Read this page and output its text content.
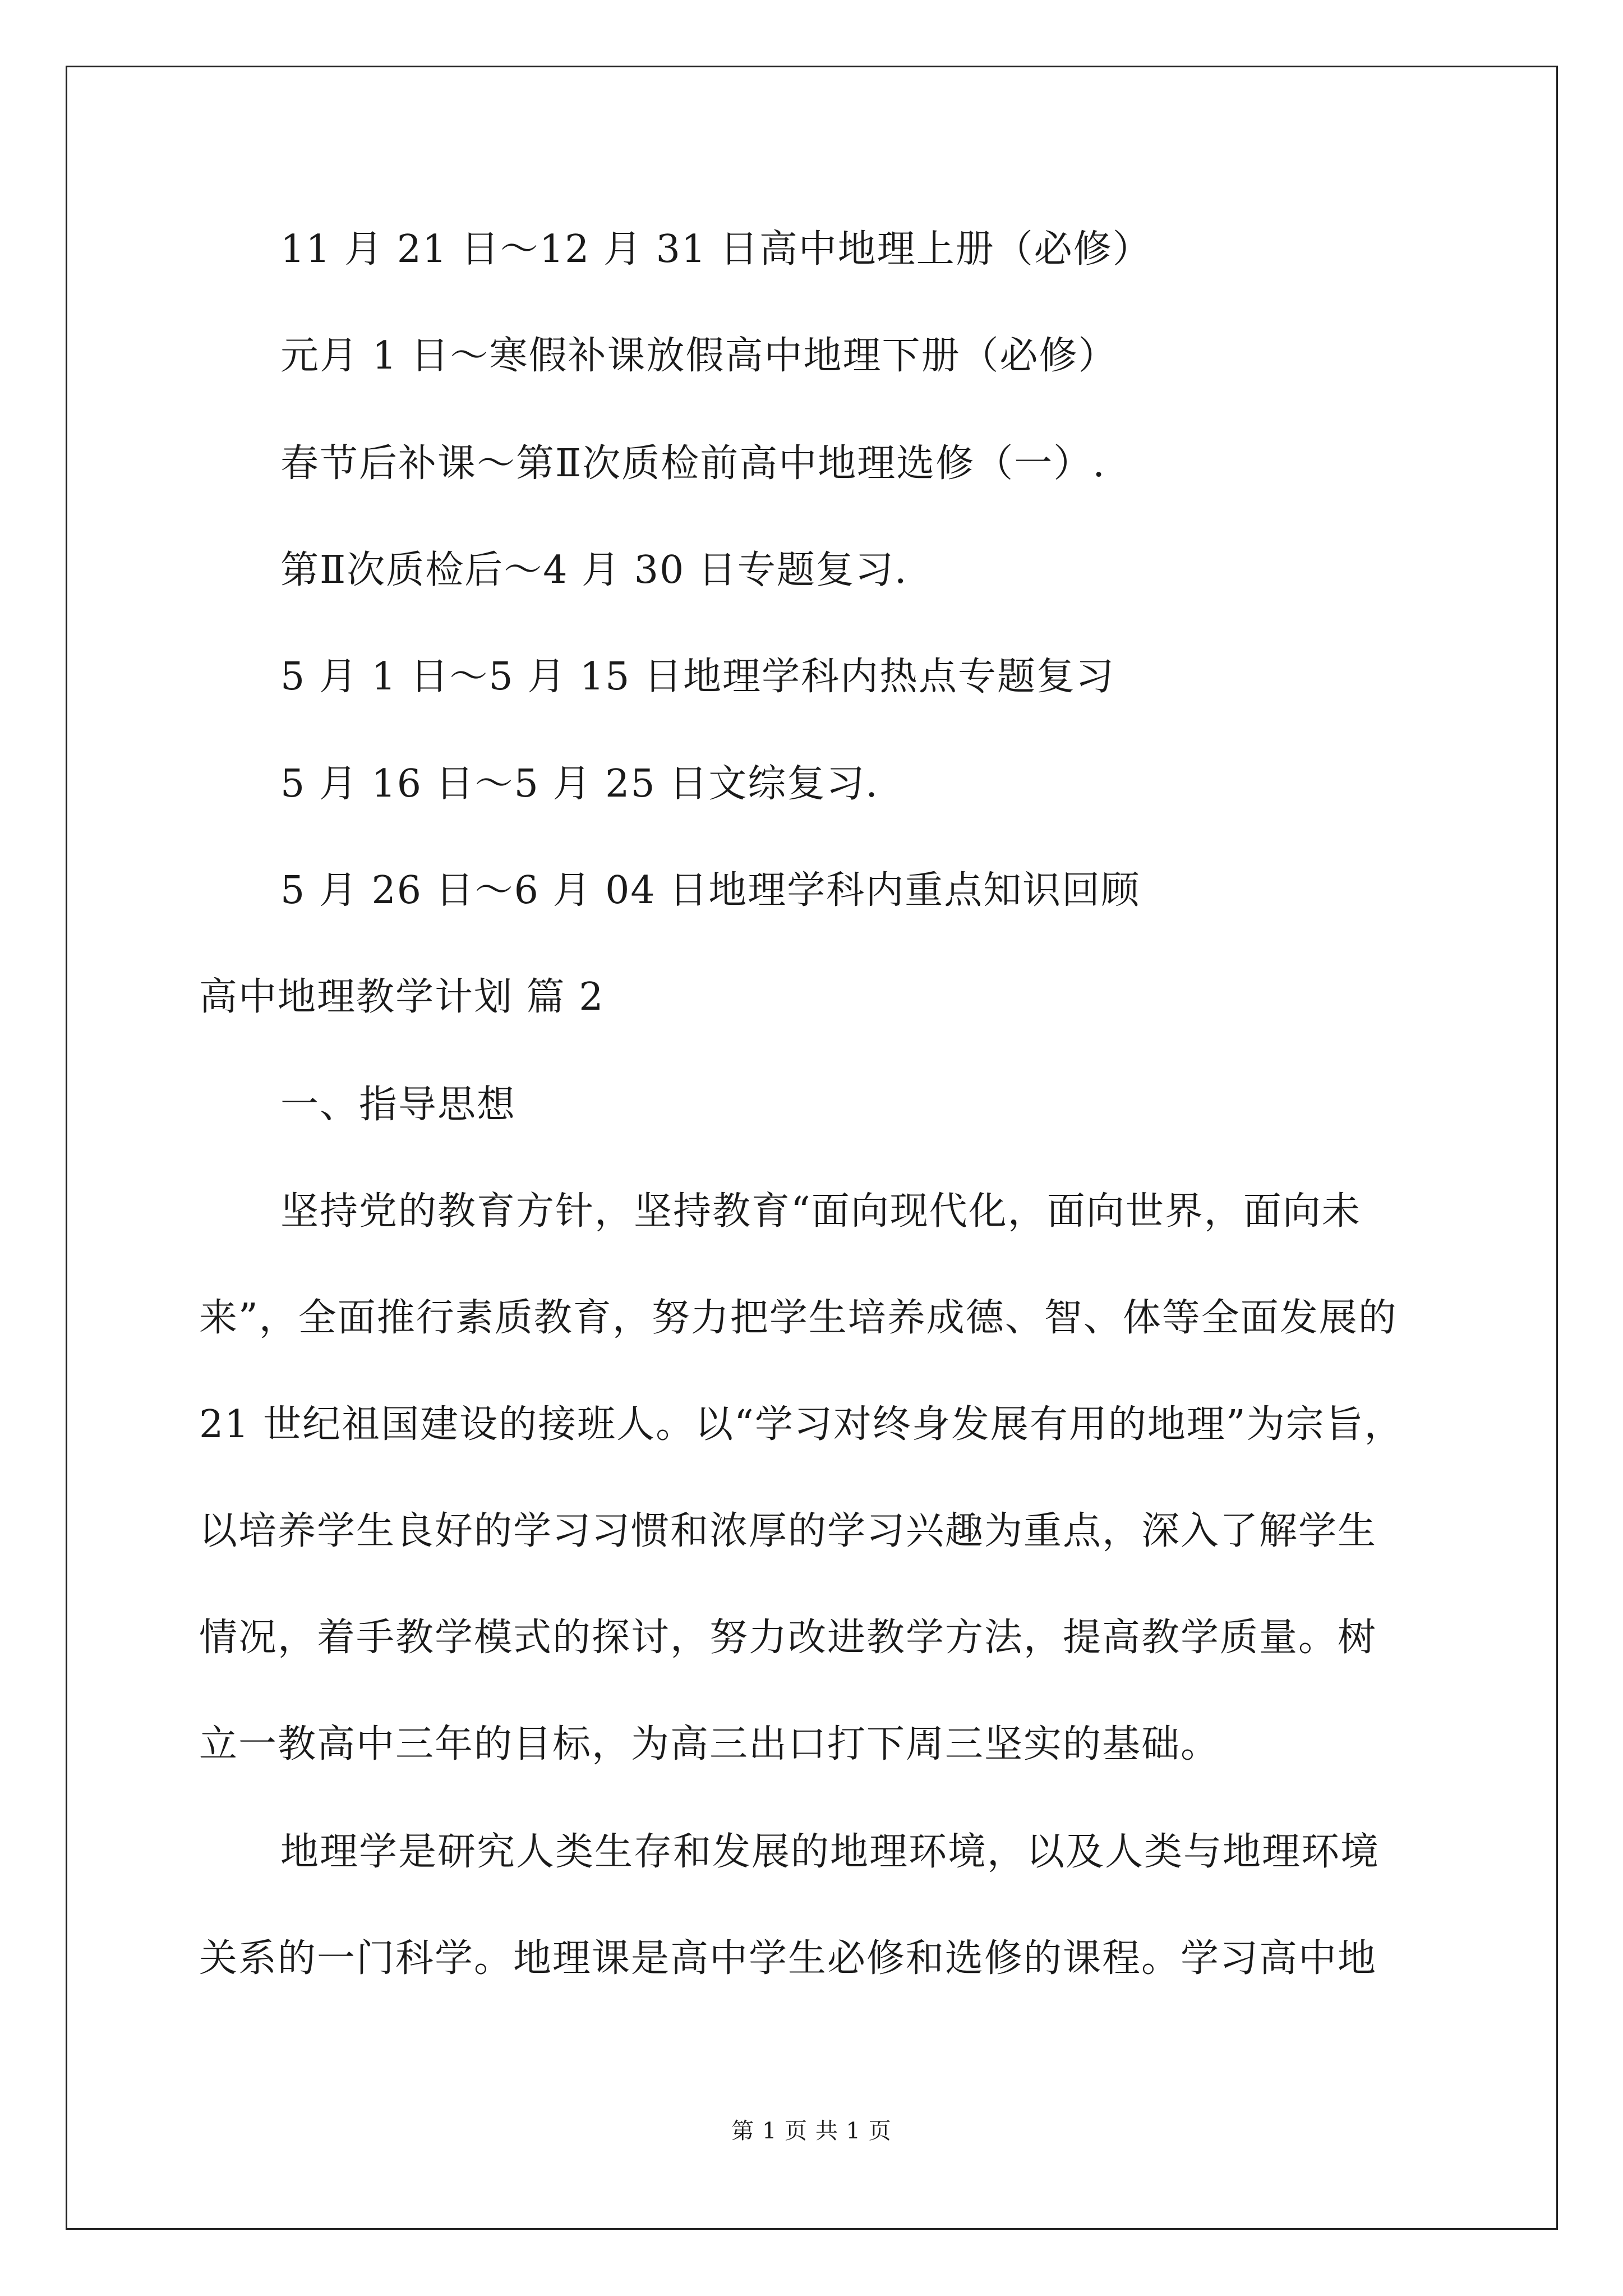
11 月 21 日～12 月 31 日高中地理上册（必修）
元月 1 日～寒假补课放假高中地理下册（必修）
春节后补课～第Ⅱ次质检前高中地理选修（一）.
第Ⅱ次质检后～4 月 30 日专题复习.
5 月 1 日～5 月 15 日地理学科内热点专题复习
5 月 16 日～5 月 25 日文综复习.
5 月 26 日～6 月 04 日地理学科内重点知识回顾
高中地理教学计划 篇 2
一、指导思想
坚持党的教育方针，坚持教育“面向现代化，面向世界，面向未
来”，全面推行素质教育，努力把学生培养成德、智、体等全面发展的
21 世纪祖国建设的接班人。以“学习对终身发展有用的地理”为宗旨，
以培养学生良好的学习习惯和浓厚的学习兴趣为重点，深入了解学生
情况，着手教学模式的探讨，努力改进教学方法，提高教学质量。树
立一教高中三年的目标，为高三出口打下周三坚实的基础。
地理学是研究人类生存和发展的地理环境，以及人类与地理环境
关系的一门科学。地理课是高中学生必修和选修的课程。学习高中地
第 1 页 共 1 页
